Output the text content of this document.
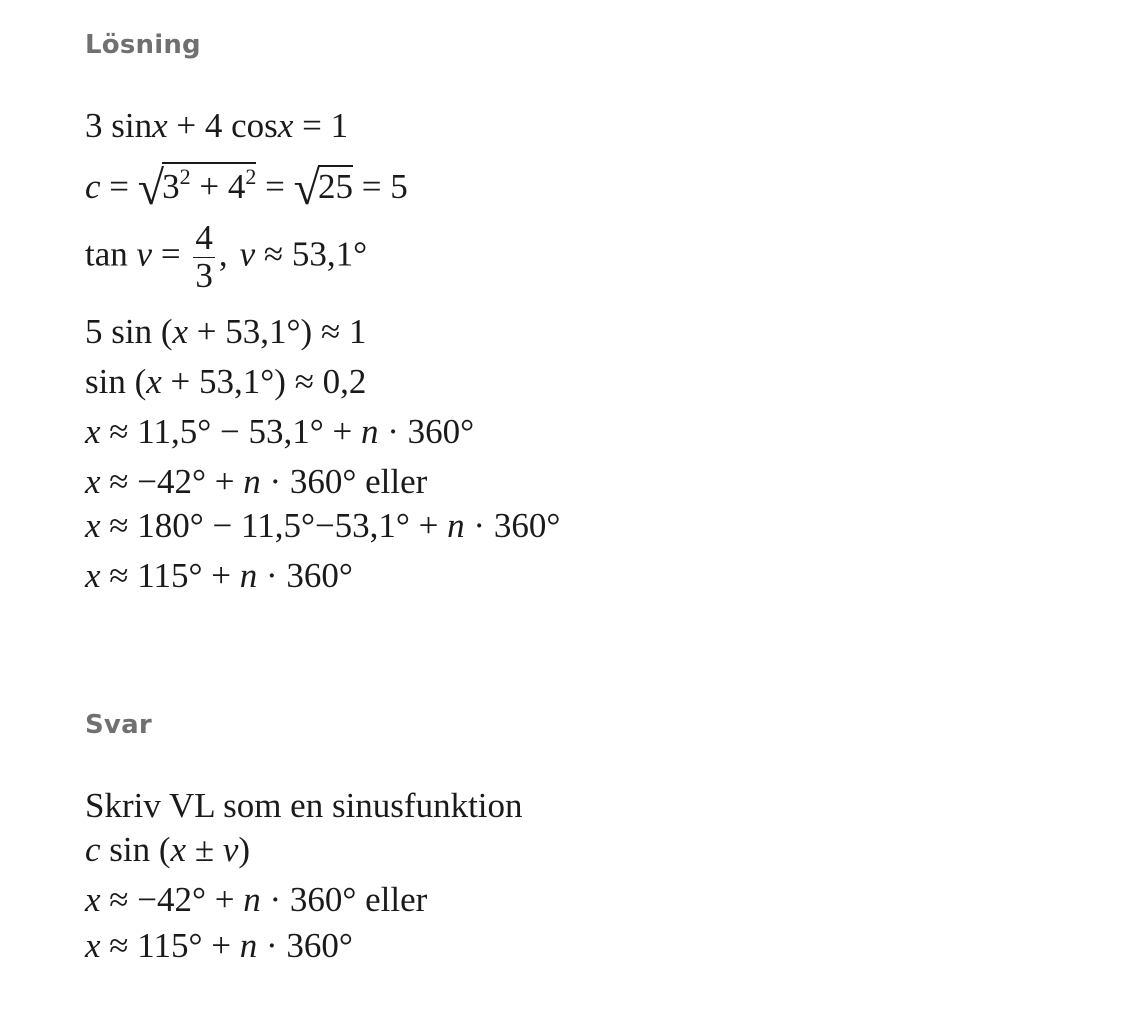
Lösning
3 sinx + 4 cosx = 1
$c = √3^2 + 4^2 = √25 = 5$
$\tan v = \frac{4}{3}$ , v ≈ 53,1°
5 sin (x + 53,1°) ≈ 1
sin (x + 53,1°) ≈ 0,2
x ≈ 11,5° − 53,1° + n · 360°
x ≈ −42° + n · 360° eller
x ≈ 180° − 11,5°−53,1° + n · 360°
x ≈ 115° + n · 360°
Svar
Skriv VL som en sinusfunktion
c sin (x ± v)
x ≈ −42° + n · 360° eller
x ≈ 115° + n · 360°
